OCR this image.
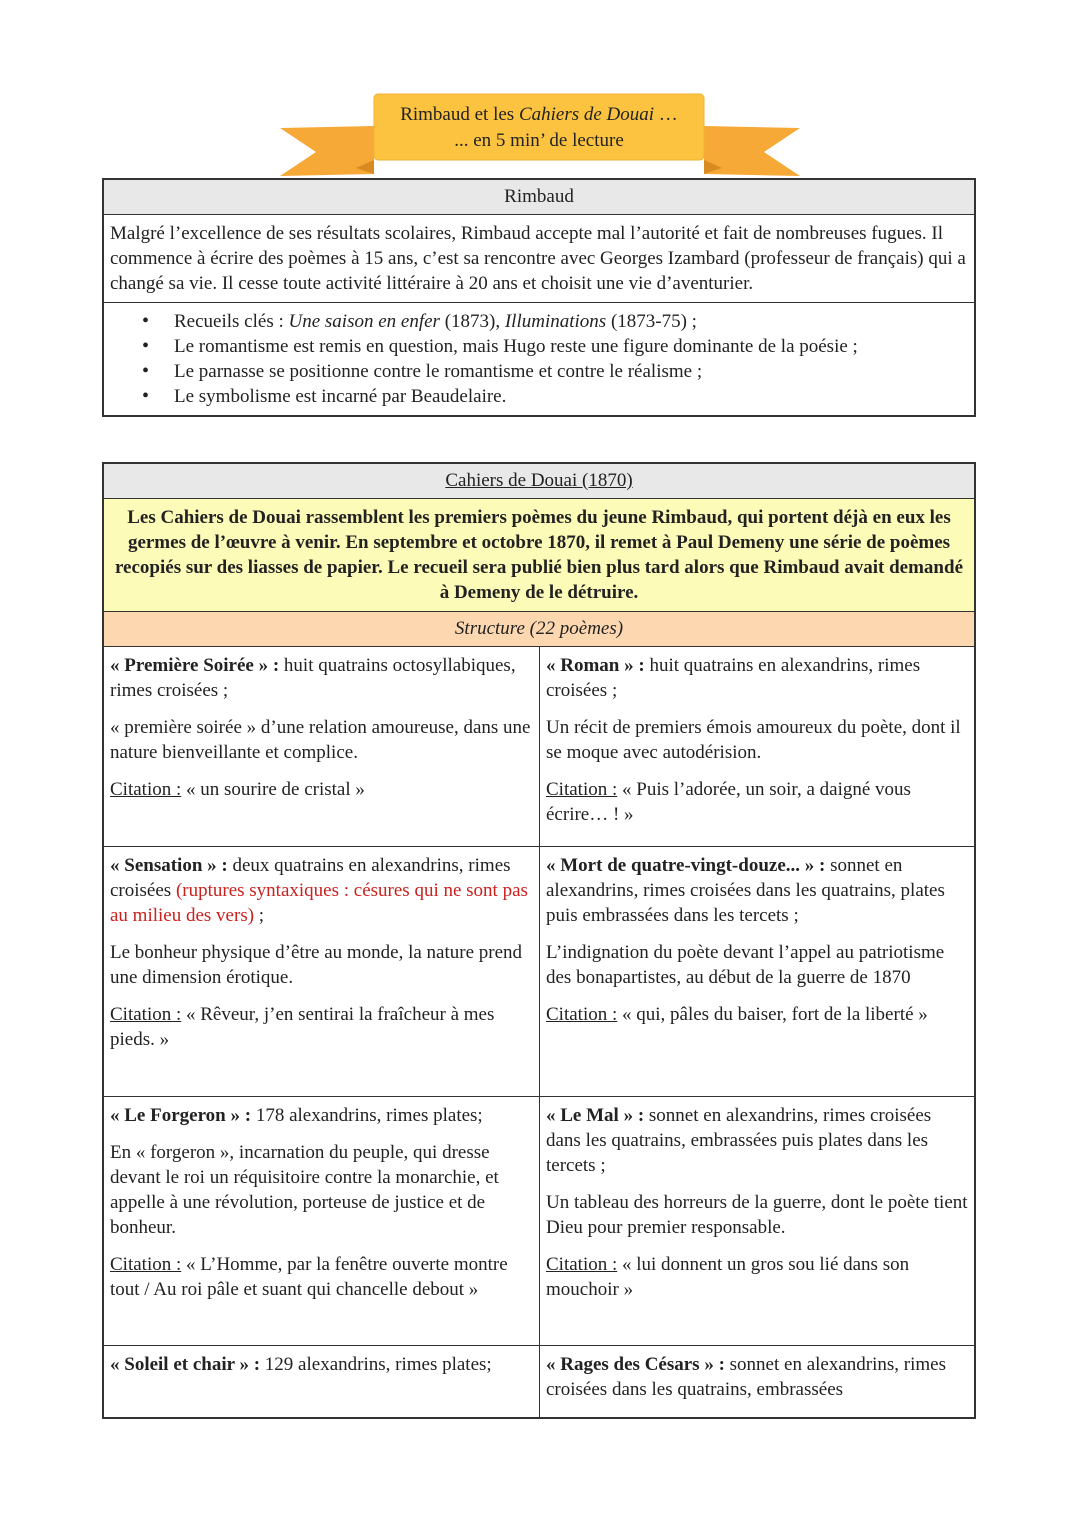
Rimbaud et les Cahiers de Douai …
... en 5 min’ de lecture
Rimbaud
Malgré l’excellence de ses résultats scolaires, Rimbaud accepte mal l’autorité et fait de nombreuses fugues. Il commence à écrire des poèmes à 15 ans, c’est sa rencontre avec Georges Izambard (professeur de français) qui a changé sa vie. Il cesse toute activité littéraire à 20 ans et choisit une vie d’aventurier.
• Recueils clés : Une saison en enfer (1873), Illuminations (1873-75) ;
• Le romantisme est remis en question, mais Hugo reste une figure dominante de la poésie ;
• Le parnasse se positionne contre le romantisme et contre le réalisme ;
• Le symbolisme est incarné par Beaudelaire.
Cahiers de Douai (1870)
Les Cahiers de Douai rassemblent les premiers poèmes du jeune Rimbaud, qui portent déjà en eux les germes de l’œuvre à venir. En septembre et octobre 1870, il remet à Paul Demeny une série de poèmes recopiés sur des liasses de papier. Le recueil sera publié bien plus tard alors que Rimbaud avait demandé à Demeny de le détruire.
Structure (22 poèmes)

« Première Soirée » : huit quatrains octosyllabiques, rimes croisées ;

« première soirée » d’une relation amoureuse, dans une nature bienveillante et complice.

Citation : « un sourire de cristal »

« Roman » : huit quatrains en alexandrins, rimes croisées ;

Un récit de premiers émois amoureux du poète, dont il se moque avec autodérision.

Citation : « Puis l’adorée, un soir, a daigné vous écrire… ! »

« Sensation » : deux quatrains en alexandrins, rimes croisées (ruptures syntaxiques : césures qui ne sont pas au milieu des vers) ;

Le bonheur physique d’être au monde, la nature prend une dimension érotique.

Citation : « Rêveur, j’en sentirai la fraîcheur à mes pieds. »

« Mort de quatre-vingt-douze... » : sonnet en alexandrins, rimes croisées dans les quatrains, plates puis embrassées dans les tercets ;

L’indignation du poète devant l’appel au patriotisme des bonapartistes, au début de la guerre de 1870

Citation : « qui, pâles du baiser, fort de la liberté »

« Le Forgeron » : 178 alexandrins, rimes plates;

En « forgeron », incarnation du peuple, qui dresse devant le roi un réquisitoire contre la monarchie, et appelle à une révolution, porteuse de justice et de bonheur.

Citation : « L’Homme, par la fenêtre ouverte montre tout / Au roi pâle et suant qui chancelle debout »

« Le Mal » : sonnet en alexandrins, rimes croisées dans les quatrains, embrassées puis plates dans les tercets ;

Un tableau des horreurs de la guerre, dont le poète tient Dieu pour premier responsable.

Citation : « lui donnent un gros sou lié dans son mouchoir »

« Soleil et chair » : 129 alexandrins, rimes plates;	« Rages des Césars » : sonnet en alexandrins, rimes croisées dans les quatrains, embrassées
